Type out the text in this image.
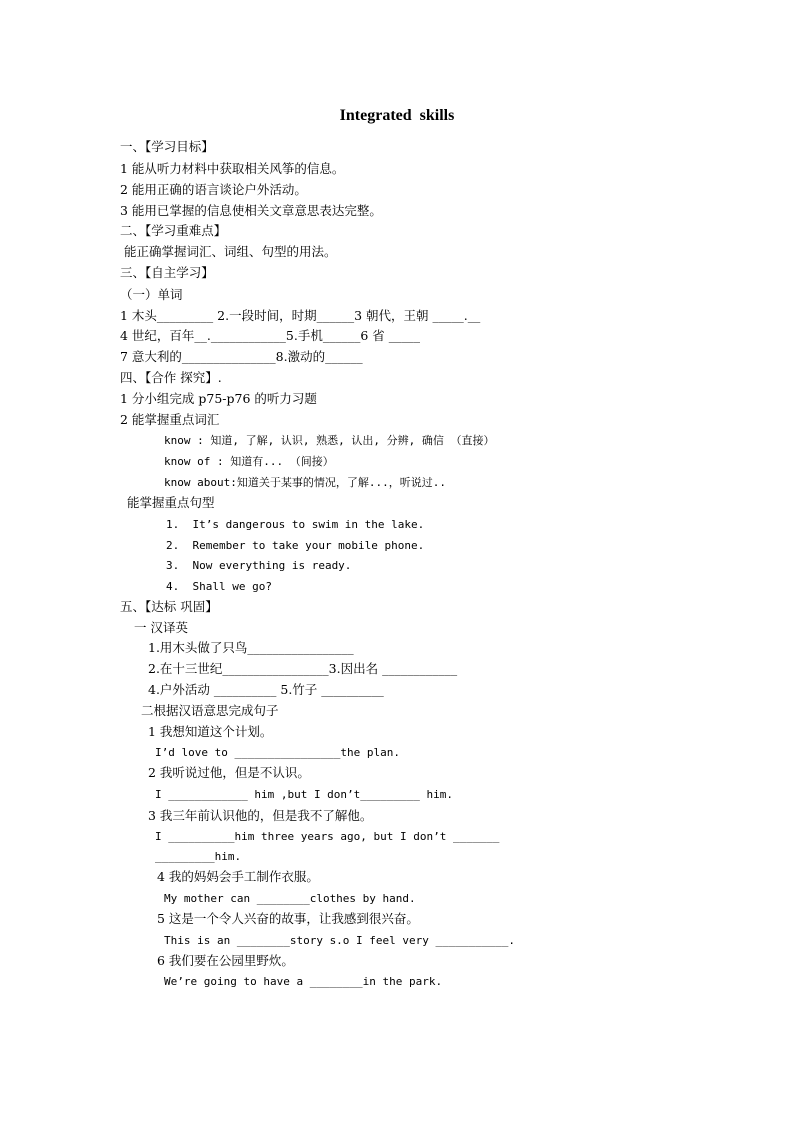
Integrated  skills
一、【学习目标】
1 能从听力材料中获取相关风筝的信息。
2 能用正确的语言谈论户外活动。
3 能用已掌握的信息使相关文章意思表达完整。
二、【学习重难点】
能正确掌握词汇、词组、句型的用法。
三、【自主学习】
（一）单词
1 木头_________ 2.一段时间，时期______3 朝代，王朝 _____.__
4 世纪，百年__.____________5.手机______6 省 _____
7 意大利的_______________8.激动的______
四、【合作 探究】.
1 分小组完成 p75-p76 的听力习题
2 能掌握重点词汇
know : 知道, 了解, 认识, 熟悉, 认出, 分辨, 确信 （直接）
know of : 知道有... （间接）
know about:知道关于某事的情况，了解...，听说过..
能掌握重点句型
1.  It’s dangerous to swim in the lake.
2.  Remember to take your mobile phone.
3.  Now everything is ready.
4.  Shall we go?
五、【达标 巩固】
一 汉译英
1.用木头做了只鸟_________________
2.在十三世纪_________________3.因出名 ____________
4.户外活动 __________ 5.竹子 __________
二根据汉语意思完成句子
1 我想知道这个计划。
I’d love to ________________the plan.
2 我听说过他，但是不认识。
I ____________ him ,but I don’t_________ him.
3 我三年前认识他的，但是我不了解他。
I __________him three years ago, but I don’t _______
_________him.
4 我的妈妈会手工制作衣服。
My mother can ________clothes by hand.
5 这是一个令人兴奋的故事，让我感到很兴奋。
This is an ________story s.o I feel very ___________.
6 我们要在公园里野炊。
We’re going to have a ________in the park.
